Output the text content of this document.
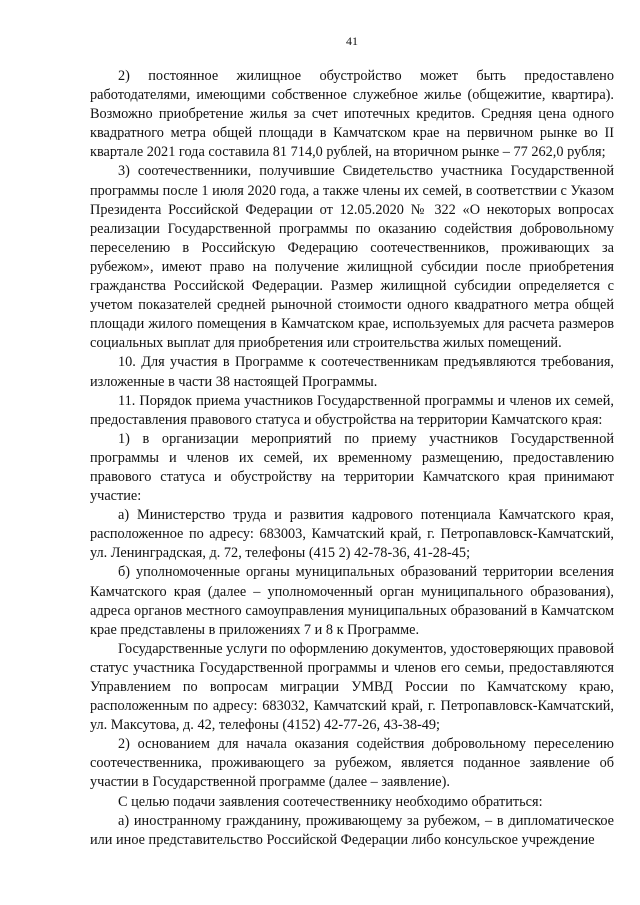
41

2) постоянное жилищное обустройство может быть предоставлено работодателями, имеющими собственное служебное жилье (общежитие, квартира). Возможно приобретение жилья за счет ипотечных кредитов. Средняя цена одного квадратного метра общей площади в Камчатском крае на первичном рынке во II квартале 2021 года составила 81 714,0 рублей, на вторичном рынке – 77 262,0 рубля;

3) соотечественники, получившие Свидетельство участника Государственной программы после 1 июля 2020 года, а также члены их семей, в соответствии с Указом Президента Российской Федерации от 12.05.2020 № 322 «О некоторых вопросах реализации Государственной программы по оказанию содействия добровольному переселению в Российскую Федерацию соотечественников, проживающих за рубежом», имеют право на получение жилищной субсидии после приобретения гражданства Российской Федерации. Размер жилищной субсидии определяется с учетом показателей средней рыночной стоимости одного квадратного метра общей площади жилого помещения в Камчатском крае, используемых для расчета размеров социальных выплат для приобретения или строительства жилых помещений.

10. Для участия в Программе к соотечественникам предъявляются требования, изложенные в части 38 настоящей Программы.

11. Порядок приема участников Государственной программы и членов их семей, предоставления правового статуса и обустройства на территории Камчатского края:

1) в организации мероприятий по приему участников Государственной программы и членов их семей, их временному размещению, предоставлению правового статуса и обустройству на территории Камчатского края принимают участие:

а) Министерство труда и развития кадрового потенциала Камчатского края, расположенное по адресу: 683003, Камчатский край, г. Петропавловск-Камчатский, ул. Ленинградская, д. 72, телефоны (415 2) 42-78-36, 41-28-45;

б) уполномоченные органы муниципальных образований территории вселения Камчатского края (далее – уполномоченный орган муниципального образования), адреса органов местного самоуправления муниципальных образований в Камчатском крае представлены в приложениях 7 и 8 к Программе.

Государственные услуги по оформлению документов, удостоверяющих правовой статус участника Государственной программы и членов его семьи, предоставляются Управлением по вопросам миграции УМВД России по Камчатскому краю, расположенным по адресу: 683032, Камчатский край, г. Петропавловск-Камчатский, ул. Максутова, д. 42, телефоны (4152) 42-77-26, 43-38-49;

2) основанием для начала оказания содействия добровольному переселению соотечественника, проживающего за рубежом, является поданное заявление об участии в Государственной программе (далее – заявление).

С целью подачи заявления соотечественнику необходимо обратиться:

а) иностранному гражданину, проживающему за рубежом, – в дипломатическое или иное представительство Российской Федерации либо консульское учреждение
